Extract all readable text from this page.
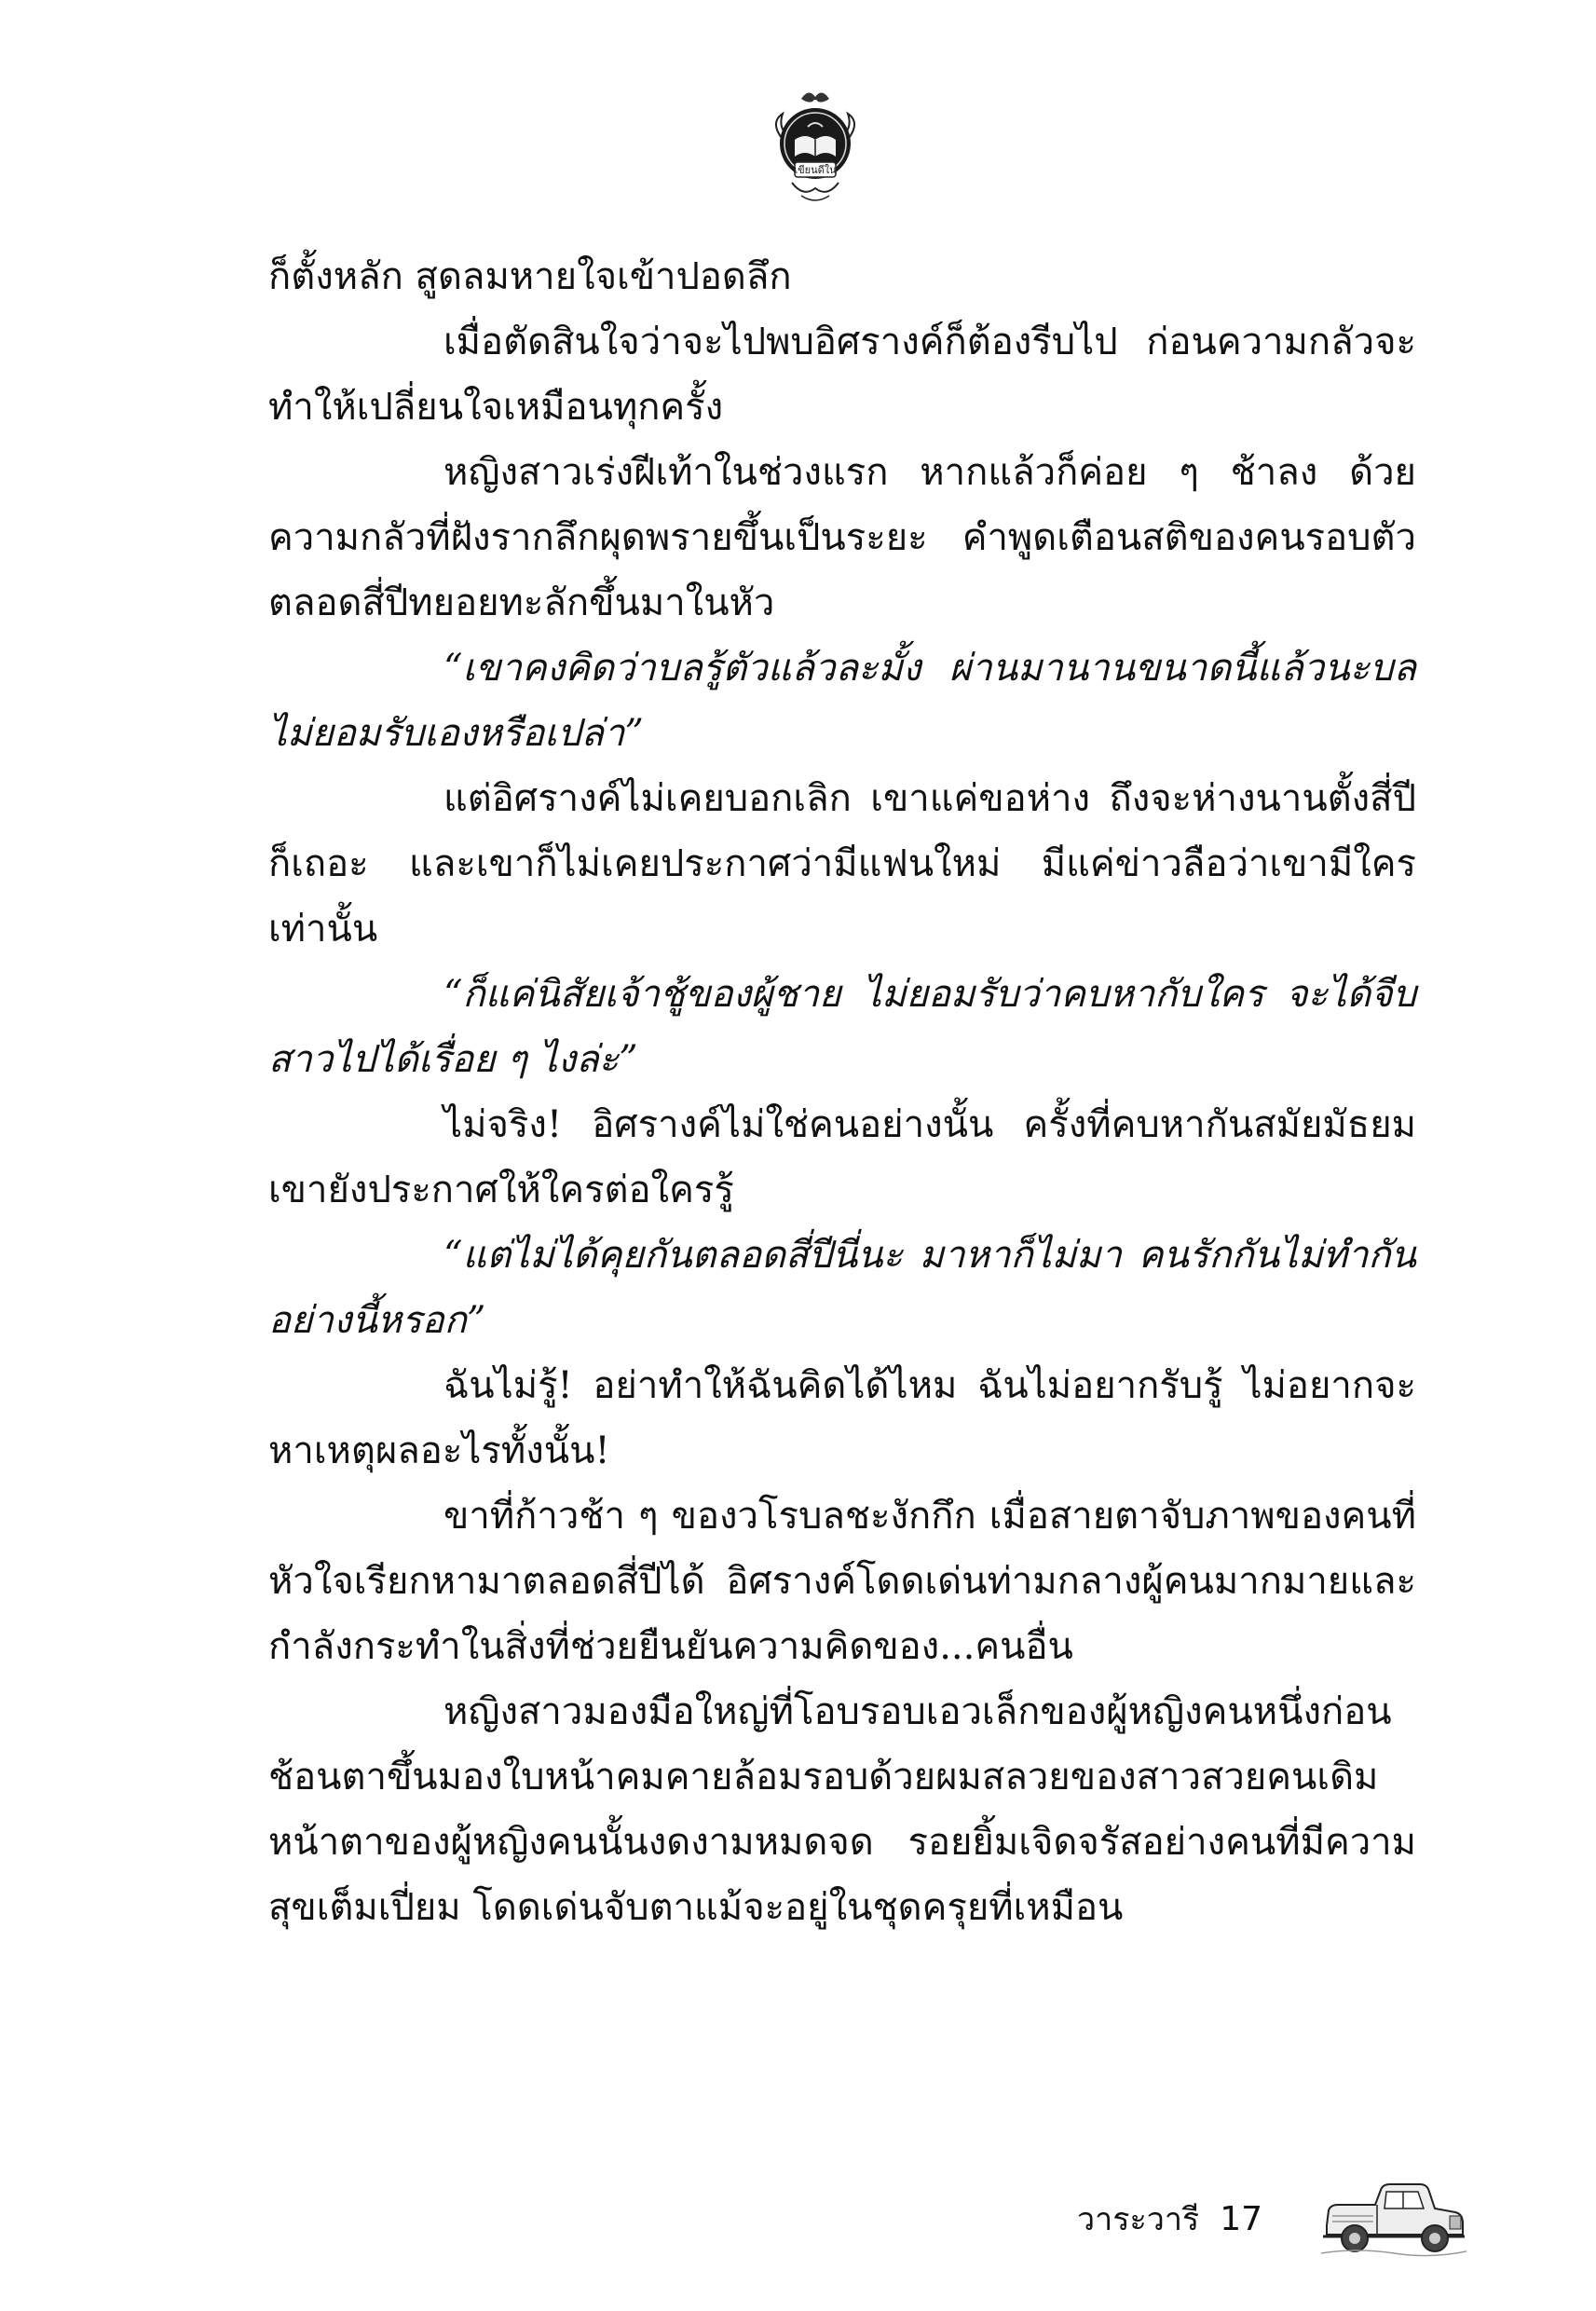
เขียนดีใน

ก็ตั้งหลัก สูดลมหายใจเข้าปอดลึก

เมื่อตัดสินใจว่าจะไปพบอิศรางค์ก็ต้องรีบไป ก่อนความกลัวจะทำให้เปลี่ยนใจเหมือนทุกครั้ง

หญิงสาวเร่งฝีเท้าในช่วงแรก หากแล้วก็ค่อย ๆ ช้าลง ด้วยความกลัวที่ฝังรากลึกผุดพรายขึ้นเป็นระยะ คำพูดเตือนสติของคนรอบตัวตลอดสี่ปีทยอยทะลักขึ้นมาในหัว

“เขาคงคิดว่าบลรู้ตัวแล้วละมั้ง ผ่านมานานขนาดนี้แล้วนะบลไม่ยอมรับเองหรือเปล่า”

แต่อิศรางค์ไม่เคยบอกเลิก เขาแค่ขอห่าง ถึงจะห่างนานตั้งสี่ปีก็เถอะ และเขาก็ไม่เคยประกาศว่ามีแฟนใหม่ มีแค่ข่าวลือว่าเขามีใครเท่านั้น

“ก็แค่นิสัยเจ้าชู้ของผู้ชาย ไม่ยอมรับว่าคบหากับใคร จะได้จีบสาวไปได้เรื่อย ๆ ไงล่ะ”

ไม่จริง! อิศรางค์ไม่ใช่คนอย่างนั้น ครั้งที่คบหากันสมัยมัธยมเขายังประกาศให้ใครต่อใครรู้

“แต่ไม่ได้คุยกันตลอดสี่ปีนี่นะ มาหาก็ไม่มา คนรักกันไม่ทำกันอย่างนี้หรอก”

ฉันไม่รู้! อย่าทำให้ฉันคิดได้ไหม ฉันไม่อยากรับรู้ ไม่อยากจะหาเหตุผลอะไรทั้งนั้น!

ขาที่ก้าวช้า ๆ ของวโรบลชะงักกึก เมื่อสายตาจับภาพของคนที่หัวใจเรียกหามาตลอดสี่ปีได้ อิศรางค์โดดเด่นท่ามกลางผู้คนมากมายและกำลังกระทำในสิ่งที่ช่วยยืนยันความคิดของ...คนอื่น

หญิงสาวมองมือใหญ่ที่โอบรอบเอวเล็กของผู้หญิงคนหนึ่งก่อนช้อนตาขึ้นมองใบหน้าคมคายล้อมรอบด้วยผมสลวยของสาวสวยคนเดิม หน้าตาของผู้หญิงคนนั้นงดงามหมดจด รอยยิ้มเจิดจรัสอย่างคนที่มีความสุขเต็มเปี่ยม โดดเด่นจับตาแม้จะอยู่ในชุดครุยที่เหมือน

วาระวารี 17
